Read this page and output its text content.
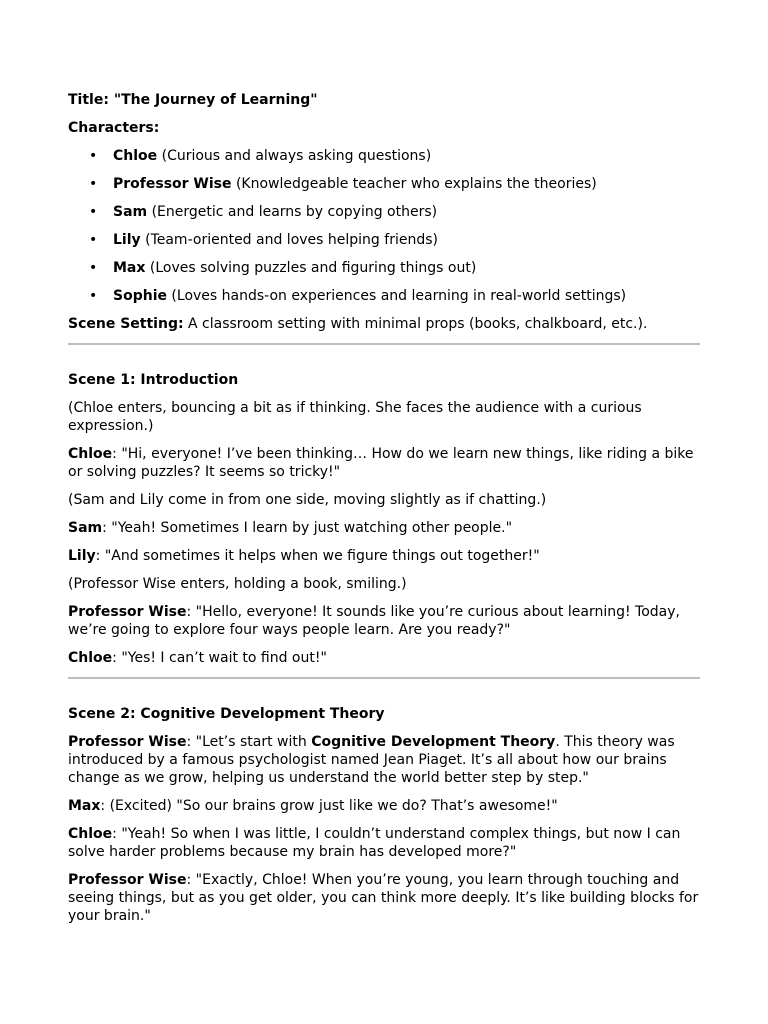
Title: "The Journey of Learning"

Characters:

• Chloe (Curious and always asking questions)
• Professor Wise (Knowledgeable teacher who explains the theories)
• Sam (Energetic and learns by copying others)
• Lily (Team-oriented and loves helping friends)
• Max (Loves solving puzzles and figuring things out)
• Sophie (Loves hands-on experiences and learning in real-world settings)

Scene Setting: A classroom setting with minimal props (books, chalkboard, etc.).

Scene 1: Introduction

(Chloe enters, bouncing a bit as if thinking. She faces the audience with a curious expression.)

Chloe: "Hi, everyone! I’ve been thinking… How do we learn new things, like riding a bike or solving puzzles? It seems so tricky!"

(Sam and Lily come in from one side, moving slightly as if chatting.)

Sam: "Yeah! Sometimes I learn by just watching other people."

Lily: "And sometimes it helps when we figure things out together!"

(Professor Wise enters, holding a book, smiling.)

Professor Wise: "Hello, everyone! It sounds like you’re curious about learning! Today, we’re going to explore four ways people learn. Are you ready?"

Chloe: "Yes! I can’t wait to find out!"

Scene 2: Cognitive Development Theory

Professor Wise: "Let’s start with Cognitive Development Theory. This theory was introduced by a famous psychologist named Jean Piaget. It’s all about how our brains change as we grow, helping us understand the world better step by step."

Max: (Excited) "So our brains grow just like we do? That’s awesome!"

Chloe: "Yeah! So when I was little, I couldn’t understand complex things, but now I can solve harder problems because my brain has developed more?"

Professor Wise: "Exactly, Chloe! When you’re young, you learn through touching and seeing things, but as you get older, you can think more deeply. It’s like building blocks for your brain."
